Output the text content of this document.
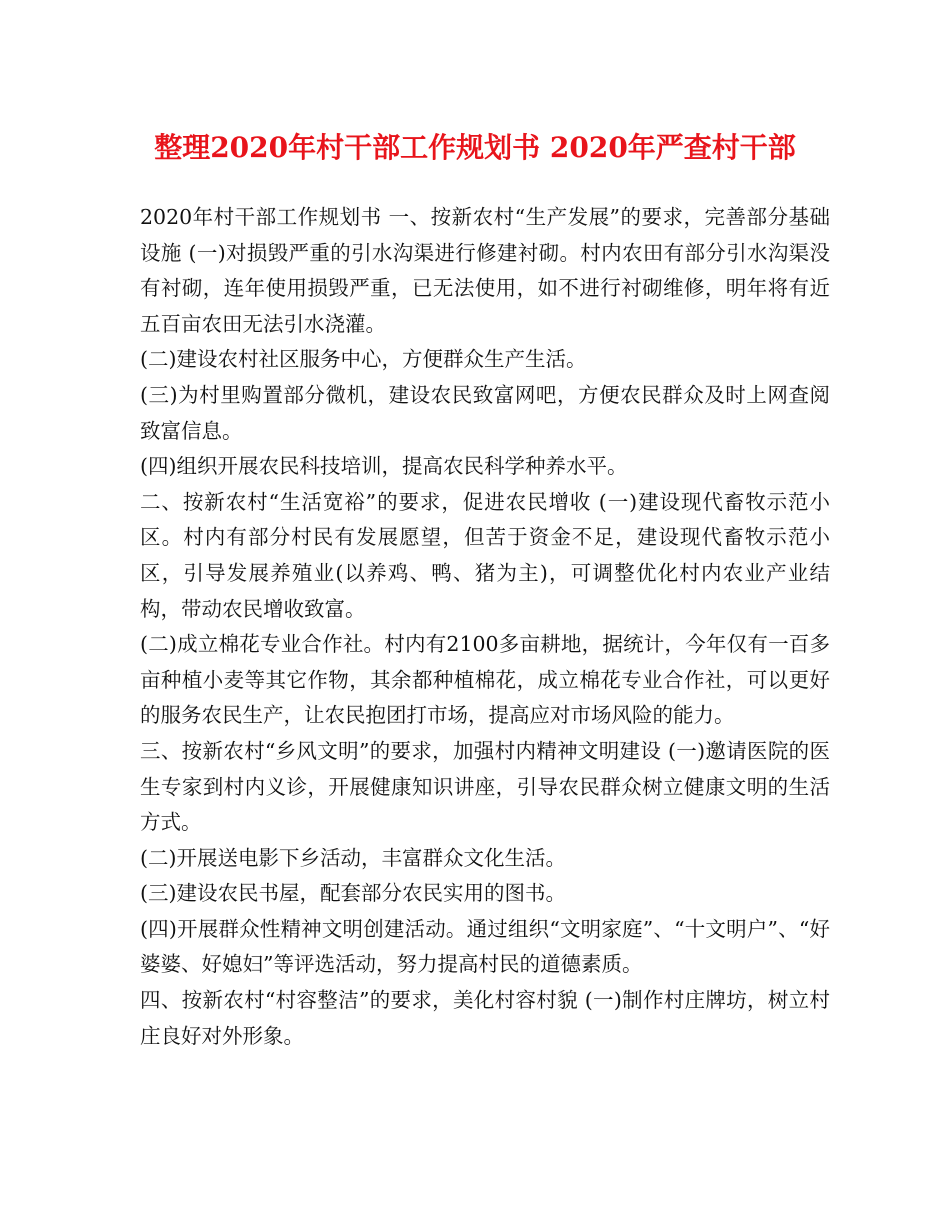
整理2020年村干部工作规划书 2020年严查村干部

2020年村干部工作规划书 一、按新农村“生产发展”的要求，完善部分基础设施 (一)对损毁严重的引水沟渠进行修建衬砌。村内农田有部分引水沟渠没有衬砌，连年使用损毁严重，已无法使用，如不进行衬砌维修，明年将有近五百亩农田无法引水浇灌。

(二)建设农村社区服务中心，方便群众生产生活。

(三)为村里购置部分微机，建设农民致富网吧，方便农民群众及时上网查阅致富信息。

(四)组织开展农民科技培训，提高农民科学种养水平。

二、按新农村“生活宽裕”的要求，促进农民增收 (一)建设现代畜牧示范小区。村内有部分村民有发展愿望，但苦于资金不足，建设现代畜牧示范小区，引导发展养殖业(以养鸡、鸭、猪为主)，可调整优化村内农业产业结构，带动农民增收致富。

(二)成立棉花专业合作社。村内有2100多亩耕地，据统计，今年仅有一百多亩种植小麦等其它作物，其余都种植棉花，成立棉花专业合作社，可以更好的服务农民生产，让农民抱团打市场，提高应对市场风险的能力。

三、按新农村“乡风文明”的要求，加强村内精神文明建设 (一)邀请医院的医生专家到村内义诊，开展健康知识讲座，引导农民群众树立健康文明的生活方式。

(二)开展送电影下乡活动，丰富群众文化生活。

(三)建设农民书屋，配套部分农民实用的图书。

(四)开展群众性精神文明创建活动。通过组织“文明家庭”、“十文明户”、“好婆婆、好媳妇”等评选活动，努力提高村民的道德素质。

四、按新农村“村容整洁”的要求，美化村容村貌 (一)制作村庄牌坊，树立村庄良好对外形象。
